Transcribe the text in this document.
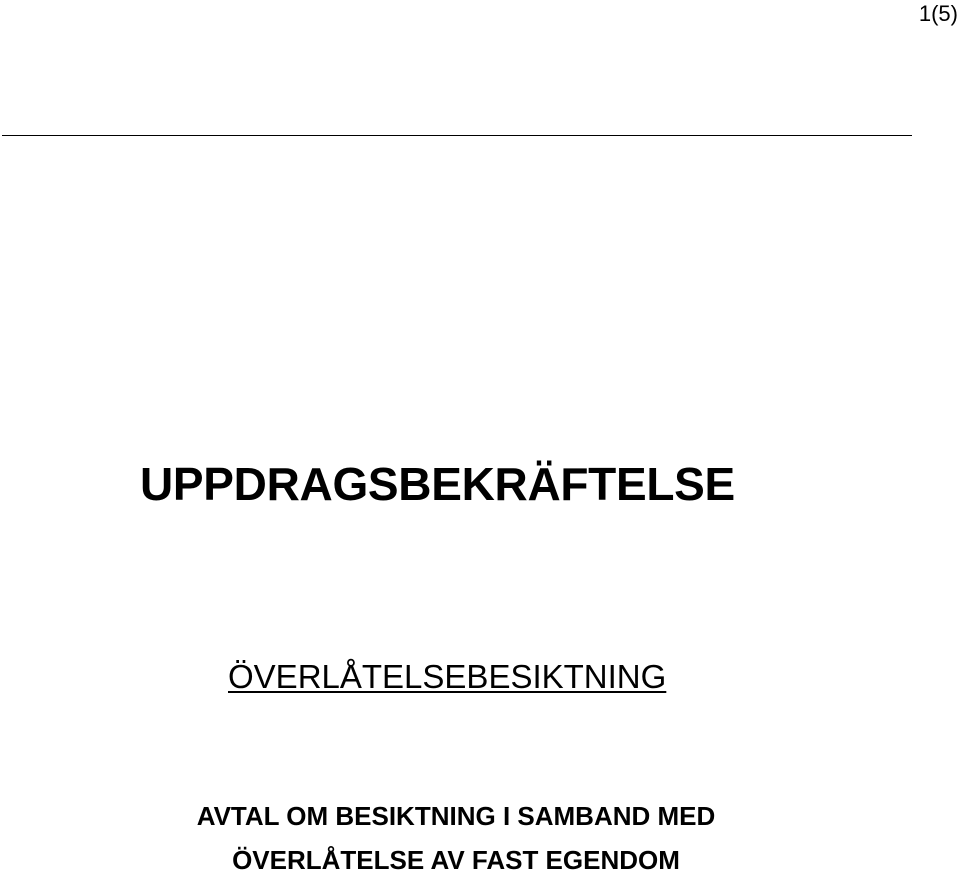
1(5)
UPPDRAGSBEKRÄFTELSE
ÖVERLÅTELSEBESIKTNING
AVTAL OM BESIKTNING I SAMBAND MED
ÖVERLÅTELSE AV FAST EGENDOM
